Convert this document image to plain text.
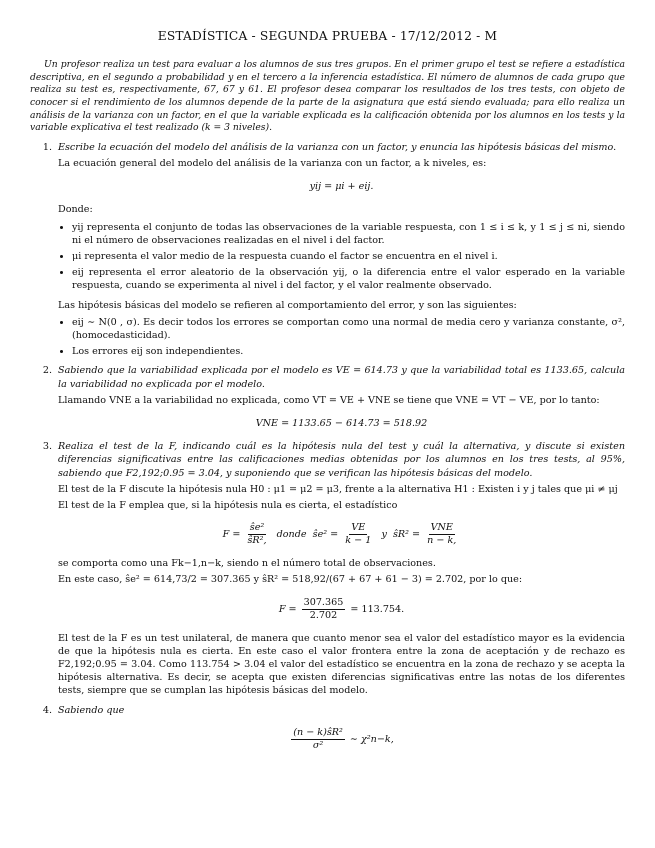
ESTADÍSTICA - SEGUNDA PRUEBA - 17/12/2012 - M

Un profesor realiza un test para evaluar a los alumnos de sus tres grupos. En el primer grupo el test se refiere a estadística descriptiva, en el segundo a probabilidad y en el tercero a la inferencia estadística. El número de alumnos de cada grupo que realiza su test es, respectivamente, 67, 67 y 61. El profesor desea comparar los resultados de los tres tests, con objeto de conocer si el rendimiento de los alumnos depende de la parte de la asignatura que está siendo evaluada; para ello realiza un análisis de la varianza con un factor, en el que la variable explicada es la calificación obtenida por los alumnos en los tests y la variable explicativa el test realizado (k = 3 niveles).

1. Escribe la ecuación del modelo del análisis de la varianza con un factor, y enuncia las hipótesis básicas del mismo.
La ecuación general del modelo del análisis de la varianza con un factor, a k niveles, es:
yij = μi + eij.
Donde:
• yij representa el conjunto de todas las observaciones de la variable respuesta, con 1 ≤ i ≤ k, y 1 ≤ j ≤ ni, siendo ni el número de observaciones realizadas en el nivel i del factor.
• μi representa el valor medio de la respuesta cuando el factor se encuentra en el nivel i.
• eij representa el error aleatorio de la observación yij, o la diferencia entre el valor esperado en la variable respuesta, cuando se experimenta al nivel i del factor, y el valor realmente observado.
Las hipótesis básicas del modelo se refieren al comportamiento del error, y son las siguientes:
• eij ∼ N(0 , σ). Es decir todos los errores se comportan como una normal de media cero y varianza constante, σ², (homocedasticidad).
• Los errores eij son independientes.
2. Sabiendo que la variabilidad explicada por el modelo es VE = 614.73 y que la variabilidad total es 1133.65, calcula la variabilidad no explicada por el modelo.
Llamando VNE a la variabilidad no explicada, como VT = VE + VNE se tiene que VNE = VT − VE, por lo tanto:
VNE = 1133.65 − 614.73 = 518.92
3. Realiza el test de la F, indicando cuál es la hipótesis nula del test y cuál la alternativa, y discute si existen diferencias significativas entre las calificaciones medias obtenidas por los alumnos en los tres tests, al 95%, sabiendo que F2,192;0.95 = 3.04, y suponiendo que se verifican las hipótesis básicas del modelo.
El test de la F discute la hipótesis nula H0 : μ1 = μ2 = μ3, frente a la alternativa H1 : Existen i y j tales que μi ≠ μj
El test de la F emplea que, si la hipótesis nula es cierta, el estadístico
$F = \frac{\text{ŝe²}}{\text{ŝR²,}}$ donde ŝe² = $\frac{VE}{k - 1}$ y ŝR² = $\frac{\text{VNE}}{n - k,}$
se comporta como una Fk−1,n−k, siendo n el número total de observaciones.
En este caso, ŝe² = 614,73/2 = 307.365 y ŝR² = 518,92/(67 + 67 + 61 − 3) = 2.702, por lo que:
$F = \frac{307.365}{2.702} = 113.754$.
El test de la F es un test unilateral, de manera que cuanto menor sea el valor del estadístico mayor es la evidencia de que la hipótesis nula es cierta. En este caso el valor frontera entre la zona de aceptación y de rechazo es F2,192;0.95 = 3.04. Como 113.754 > 3.04 el valor del estadístico se encuentra en la zona de rechazo y se acepta la hipótesis alternativa. Es decir, se acepta que existen diferencias significativas entre las notas de los diferentes tests, siempre que se cumplan las hipótesis básicas del modelo.
4. Sabiendo que
$\frac{\text{(n − k)ŝR²}}{\text{σ²}}$ ∼ χ²n−k,
